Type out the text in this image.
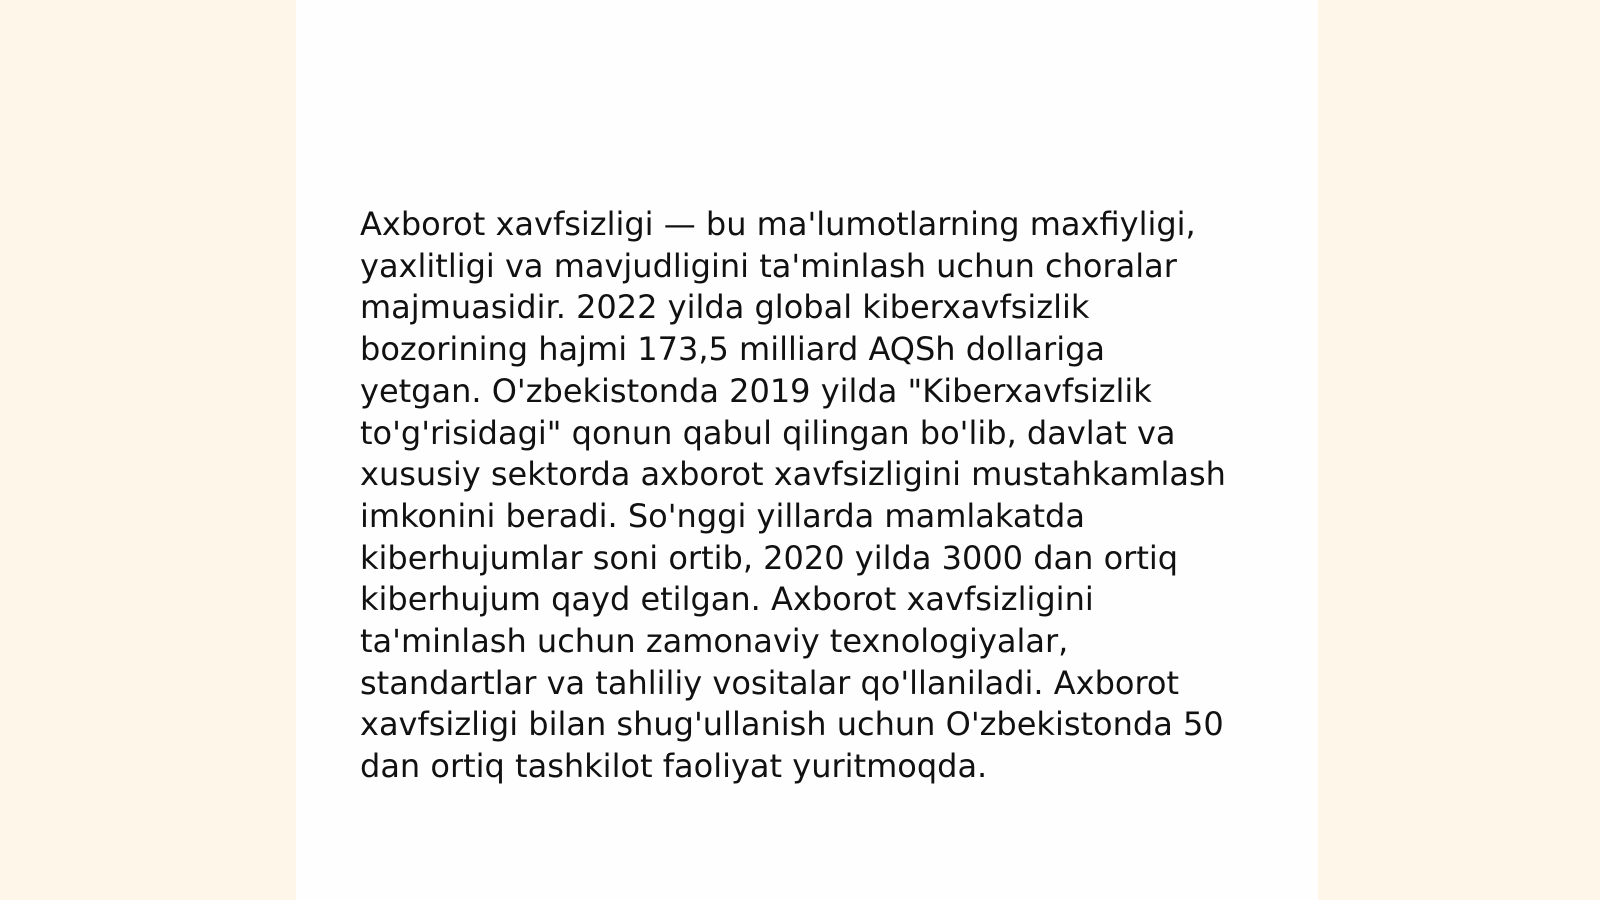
Axborot xavfsizligi — bu ma'lumotlarning maxfiyligi,
yaxlitligi va mavjudligini ta'minlash uchun choralar
majmuasidir. 2022 yilda global kiberxavfsizlik
bozorining hajmi 173,5 milliard AQSh dollariga
yetgan. O'zbekistonda 2019 yilda "Kiberxavfsizlik
to'g'risidagi" qonun qabul qilingan bo'lib, davlat va
xususiy sektorda axborot xavfsizligini mustahkamlash
imkonini beradi. So'nggi yillarda mamlakatda
kiberhujumlar soni ortib, 2020 yilda 3000 dan ortiq
kiberhujum qayd etilgan. Axborot xavfsizligini
ta'minlash uchun zamonaviy texnologiyalar,
standartlar va tahliliy vositalar qo'llaniladi. Axborot
xavfsizligi bilan shug'ullanish uchun O'zbekistonda 50
dan ortiq tashkilot faoliyat yuritmoqda.
